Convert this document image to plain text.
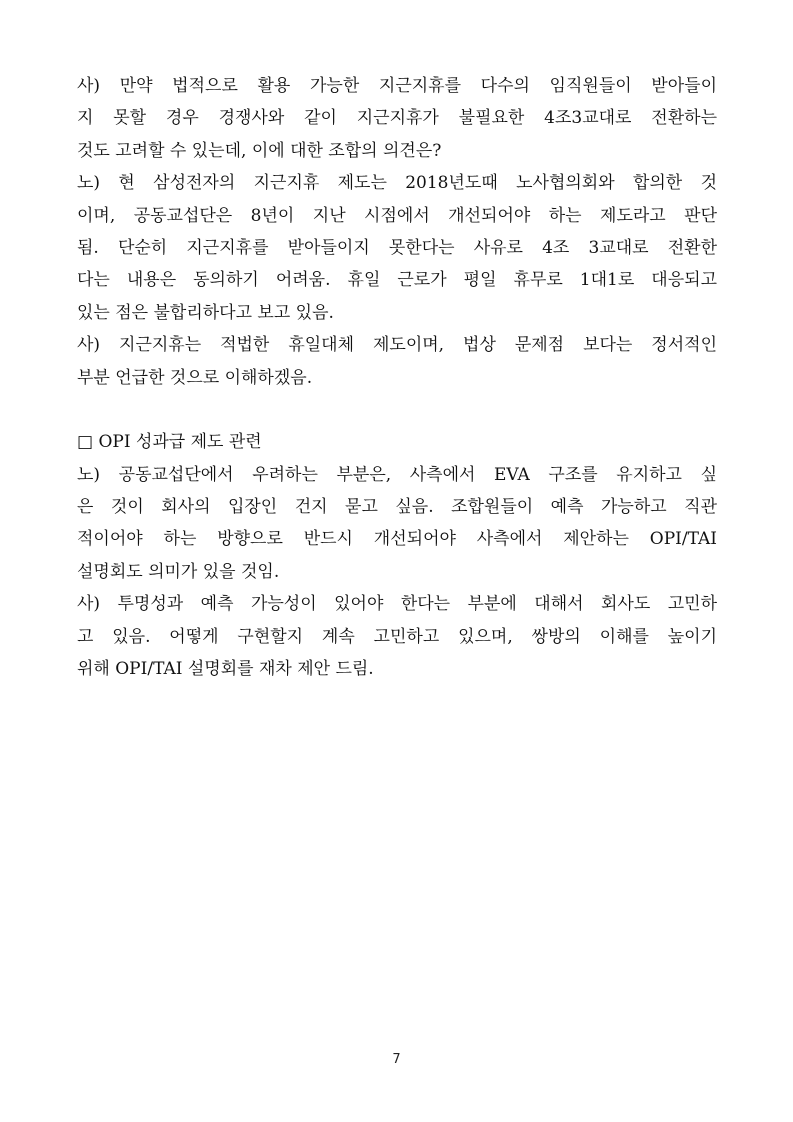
사) 만약 법적으로 활용 가능한 지근지휴를 다수의 임직원들이 받아들이
지 못할 경우 경쟁사와 같이 지근지휴가 불필요한 4조3교대로 전환하는
것도 고려할 수 있는데, 이에 대한 조합의 의견은?
노) 현 삼성전자의 지근지휴 제도는 2018년도때 노사협의회와 합의한 것
이며, 공동교섭단은 8년이 지난 시점에서 개선되어야 하는 제도라고 판단
됨. 단순히 지근지휴를 받아들이지 못한다는 사유로 4조 3교대로 전환한
다는 내용은 동의하기 어려움. 휴일 근로가 평일 휴무로 1대1로 대응되고
있는 점은 불합리하다고 보고 있음.
사) 지근지휴는 적법한 휴일대체 제도이며, 법상 문제점 보다는 정서적인
부분 언급한 것으로 이해하겠음.
□ OPI 성과급 제도 관련
노) 공동교섭단에서 우려하는 부분은, 사측에서 EVA 구조를 유지하고 싶
은 것이 회사의 입장인 건지 묻고 싶음. 조합원들이 예측 가능하고 직관
적이어야 하는 방향으로 반드시 개선되어야 사측에서 제안하는 OPI/TAI
설명회도 의미가 있을 것임.
사) 투명성과 예측 가능성이 있어야 한다는 부분에 대해서 회사도 고민하
고 있음. 어떻게 구현할지 계속 고민하고 있으며, 쌍방의 이해를 높이기
위해 OPI/TAI 설명회를 재차 제안 드림.
7
